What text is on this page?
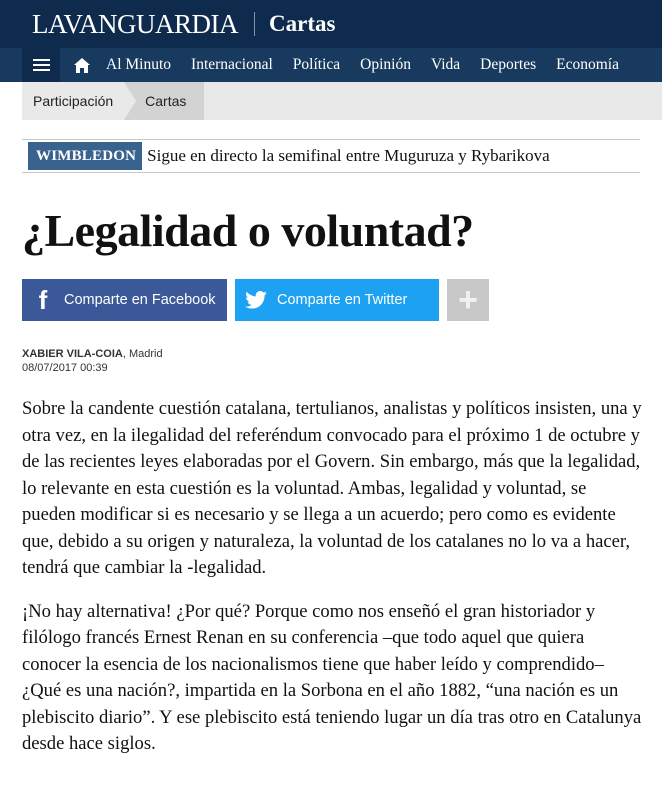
LAVANGUARDIA Cartas
Al Minuto Internacional Política Opinión Vida Deportes Economía
Participación	Cartas
WIMBLEDON Sigue en directo la semifinal entre Muguruza y Rybarikova
¿Legalidad o voluntad?
f Comparte en Facebook	Comparte en Twitter +
XABIER VILA-COIA, Madrid
08/07/2017 00:39

Sobre la candente cuestión catalana, tertulianos, analistas y políticos insisten, una y otra vez, en la ilegalidad del referéndum convocado para el próximo 1 de octubre y de las recientes leyes elaboradas por el Govern. Sin embargo, más que la legalidad, lo relevante en esta cuestión es la voluntad. Ambas, legalidad y voluntad, se pueden modificar si es necesario y se llega a un acuerdo; pero como es evidente que, debido a su origen y naturaleza, la voluntad de los catalanes no lo va a hacer, tendrá que cambiar la -legalidad.

¡No hay alternativa! ¿Por qué? Porque como nos enseñó el gran historiador y filólogo francés Ernest Renan en su conferencia –que todo aquel que quiera conocer la esencia de los nacionalismos tiene que haber leído y comprendido– ¿Qué es una nación?, impartida en la Sorbona en el año 1882, “una nación es un plebiscito diario”. Y ese plebiscito está teniendo lugar un día tras otro en Catalunya desde hace siglos.
